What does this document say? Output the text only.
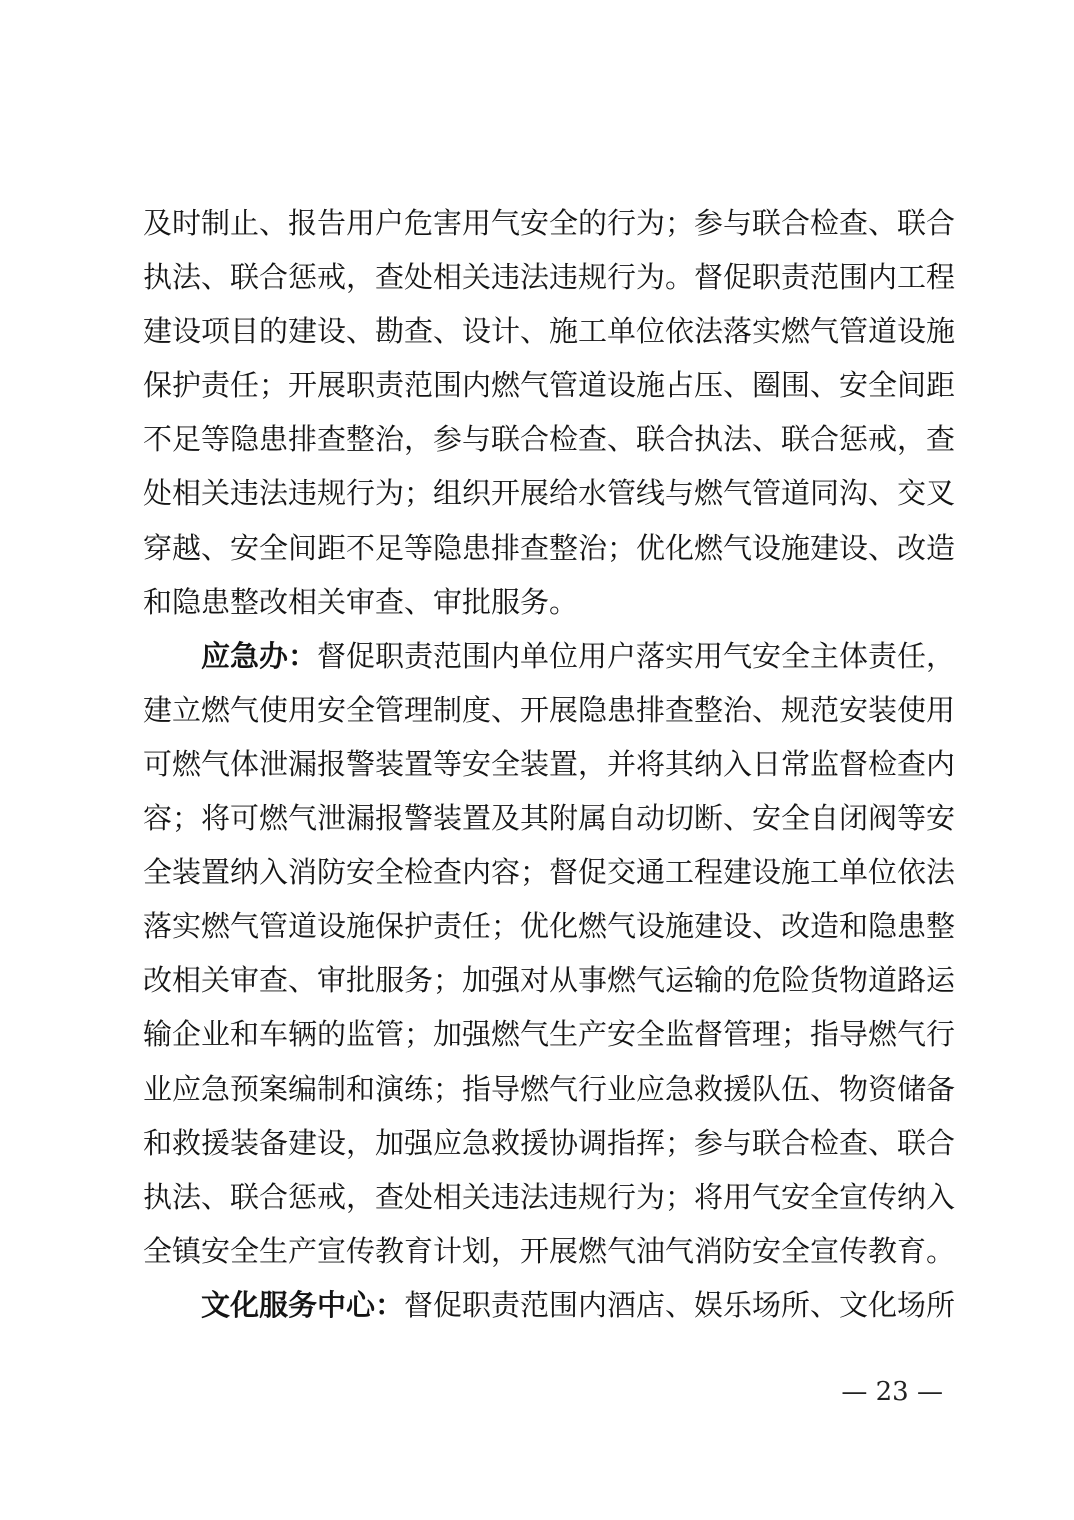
及时制止、报告用户危害用气安全的行为；参与联合检查、联合
执法、联合惩戒，查处相关违法违规行为。督促职责范围内工程
建设项目的建设、勘查、设计、施工单位依法落实燃气管道设施
保护责任；开展职责范围内燃气管道设施占压、圈围、安全间距
不足等隐患排查整治，参与联合检查、联合执法、联合惩戒，查
处相关违法违规行为；组织开展给水管线与燃气管道同沟、交叉
穿越、安全间距不足等隐患排查整治；优化燃气设施建设、改造
和隐患整改相关审查、审批服务。
应急办：督促职责范围内单位用户落实用气安全主体责任，
建立燃气使用安全管理制度、开展隐患排查整治、规范安装使用
可燃气体泄漏报警装置等安全装置，并将其纳入日常监督检查内
容；将可燃气泄漏报警装置及其附属自动切断、安全自闭阀等安
全装置纳入消防安全检查内容；督促交通工程建设施工单位依法
落实燃气管道设施保护责任；优化燃气设施建设、改造和隐患整
改相关审查、审批服务；加强对从事燃气运输的危险货物道路运
输企业和车辆的监管；加强燃气生产安全监督管理；指导燃气行
业应急预案编制和演练；指导燃气行业应急救援队伍、物资储备
和救援装备建设，加强应急救援协调指挥；参与联合检查、联合
执法、联合惩戒，查处相关违法违规行为；将用气安全宣传纳入
全镇安全生产宣传教育计划，开展燃气油气消防安全宣传教育。
文化服务中心：督促职责范围内酒店、娱乐场所、文化场所
— 23 —
